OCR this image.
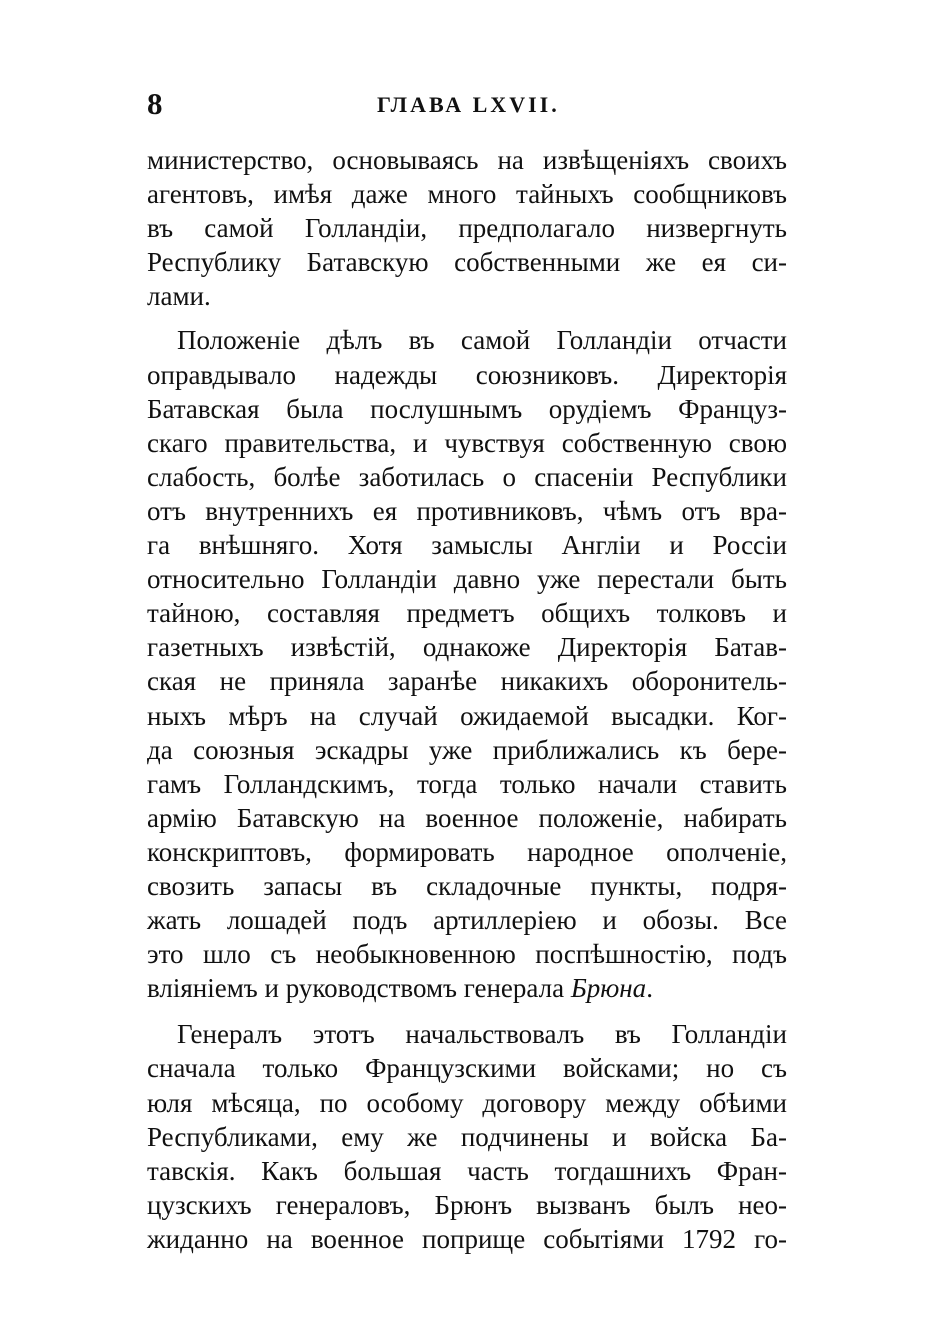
8	ГЛАВА LXVII.

министерство, основываясь на извѣщеніяхъ своихъ
агентовъ, имѣя даже много тайныхъ сообщниковъ
въ самой Голландіи, предполагало низвергнуть
Республику Батавскую собственными же ея си-
лами.

Положеніе дѣлъ въ самой Голландіи отчасти
оправдывало надежды союзниковъ. Директорія
Батавская была послушнымъ орудіемъ Француз-
скаго правительства, и чувствуя собственную свою
слабость, болѣе заботилась о спасеніи Республики
отъ внутреннихъ ея противниковъ, чѣмъ отъ вра-
га внѣшняго. Хотя замыслы Англіи и Россіи
относительно Голландіи давно уже перестали быть
тайною, составляя предметъ общихъ толковъ и
газетныхъ извѣстій, однакоже Директорія Батав-
ская не приняла заранѣе никакихъ оборонитель-
ныхъ мѣръ на случай ожидаемой высадки. Ког-
да союзныя эскадры уже приближались къ бере-
гамъ Голландскимъ, тогда только начали ставить
армію Батавскую на военное положеніе, набирать
конскриптовъ, формировать народное ополченіе,
свозить запасы въ складочные пункты, подря-
жать лошадей подъ артиллерiею и обозы. Все
это шло съ необыкновенною поспѣшностію, подъ
вліяніемъ и руководствомъ генерала Брюна.

Генералъ этотъ начальствовалъ въ Голландіи
сначала только Французскими войсками; но съ
юля мѣсяца, по особому договору между обѣими
Республиками, ему же подчинены и войска Ба-
тавскія. Какъ большая часть тогдашнихъ Фран-
цузскихъ генераловъ, Брюнъ вызванъ былъ нео-
жиданно на военное поприще событіями 1792 го-
